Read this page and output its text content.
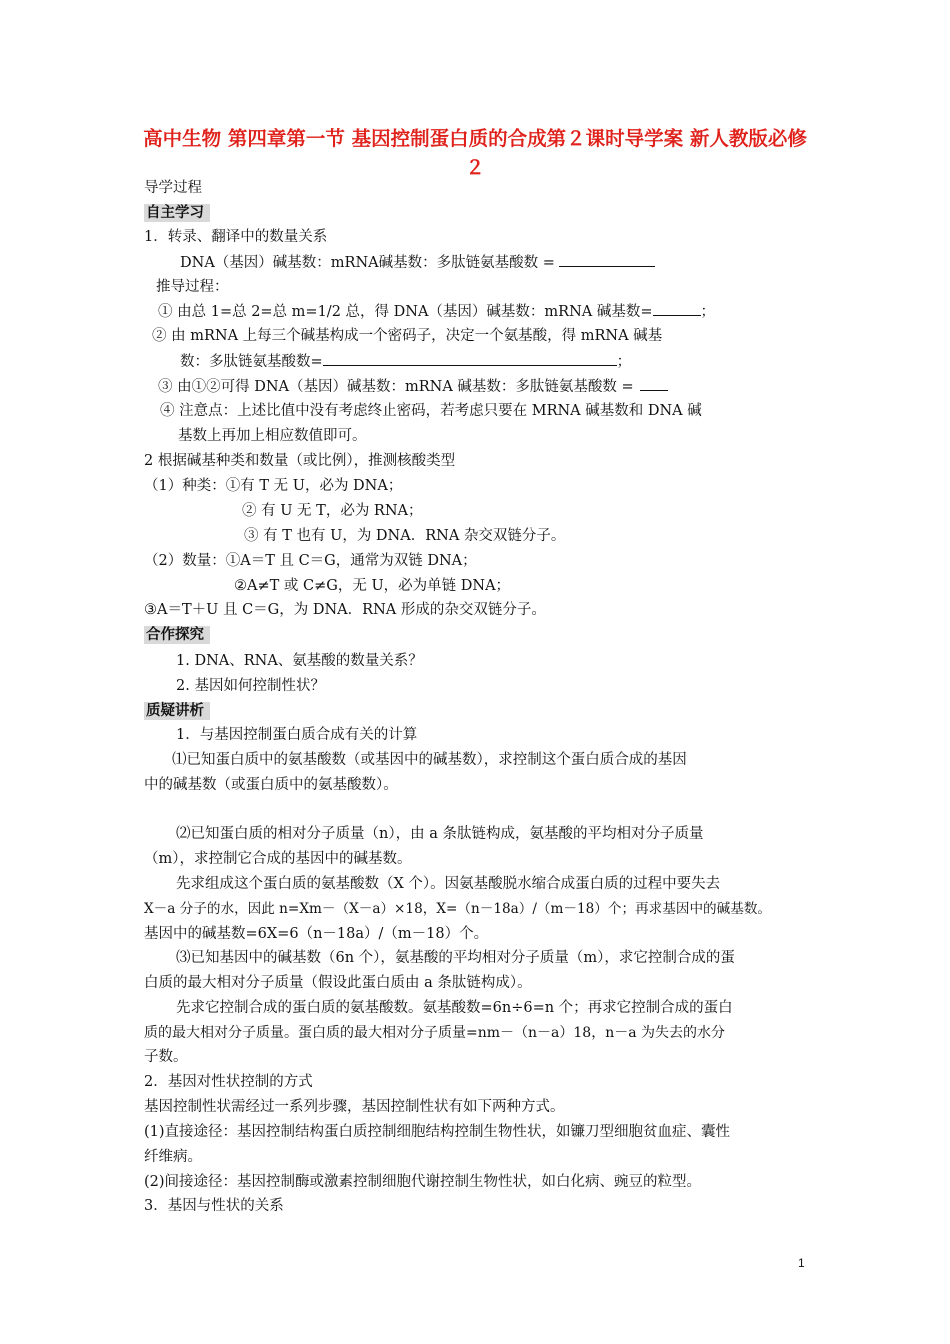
高中生物 第四章第一节 基因控制蛋白质的合成第２课时导学案 新人教版必修２
导学过程
自主学习
1．转录、翻译中的数量关系
DNA（基因）碱基数：mRNA碱基数：多肽链氨基酸数 =
推导过程：
① 由总 1=总 2=总 m=1/2 总，得 DNA（基因）碱基数：mRNA 碱基数=	；
② 由 mRNA 上每三个碱基构成一个密码子，决定一个氨基酸，得 mRNA 碱基
数：多肽链氨基酸数=	；
③ 由①②可得 DNA（基因）碱基数：mRNA 碱基数：多肽链氨基酸数 =
④ 注意点：上述比值中没有考虑终止密码，若考虑只要在 MRNA 碱基数和 DNA 碱
基数上再加上相应数值即可。
2 根据碱基种类和数量（或比例），推测核酸类型
（1）种类：①有 T 无 U，必为 DNA；
② 有 U 无 T，必为 RNA；
③ 有 T 也有 U，为 DNA．RNA 杂交双链分子。
（2）数量：①A＝T 且 C＝G，通常为双链 DNA；
②A≠T 或 C≠G，无 U，必为单链 DNA；
③A＝T＋U 且 C＝G，为 DNA．RNA 形成的杂交双链分子。
合作探究
1. DNA、RNA、氨基酸的数量关系？
2. 基因如何控制性状？
质疑讲析
1．与基因控制蛋白质合成有关的计算
⑴已知蛋白质中的氨基酸数（或基因中的碱基数），求控制这个蛋白质合成的基因
中的碱基数（或蛋白质中的氨基酸数）。
⑵已知蛋白质的相对分子质量（n），由 a 条肽链构成，氨基酸的平均相对分子质量
（m），求控制它合成的基因中的碱基数。
先求组成这个蛋白质的氨基酸数（X 个）。因氨基酸脱水缩合成蛋白质的过程中要失去
X－a 分子的水，因此 n=Xm－（X－a）×18，X=（n－18a）/（m－18）个；再求基因中的碱基数。
基因中的碱基数=6X=6（n－18a）/（m－18）个。
⑶已知基因中的碱基数（6n 个），氨基酸的平均相对分子质量（m），求它控制合成的蛋
白质的最大相对分子质量（假设此蛋白质由 a 条肽链构成）。
先求它控制合成的蛋白质的氨基酸数。氨基酸数=6n÷6=n 个；再求它控制合成的蛋白
质的最大相对分子质量。蛋白质的最大相对分子质量=nm－（n－a）18，n－a 为失去的水分
子数。
2．基因对性状控制的方式
基因控制性状需经过一系列步骤，基因控制性状有如下两种方式。
(1)直接途径：基因控制结构蛋白质控制细胞结构控制生物性状，如镰刀型细胞贫血症、囊性
纤维病。
(2)间接途径：基因控制酶或激素控制细胞代谢控制生物性状，如白化病、豌豆的粒型。
3．基因与性状的关系
1
